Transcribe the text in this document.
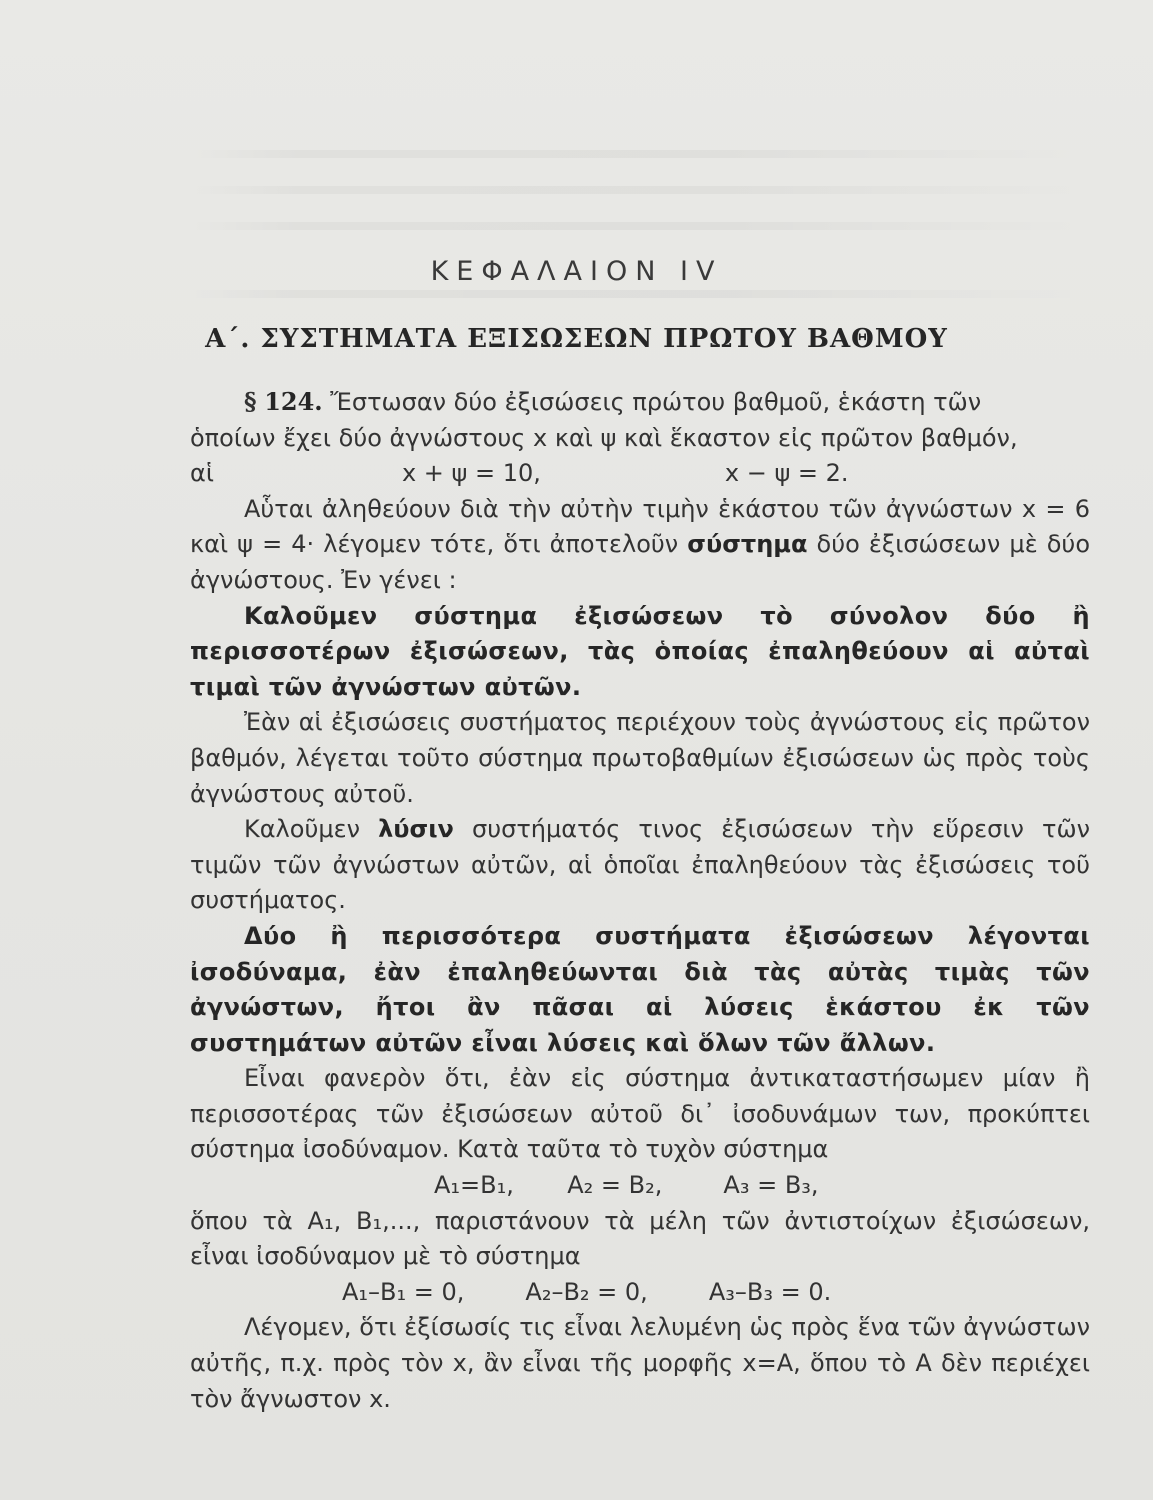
ΚΕΦΑΛΑΙΟΝ IV
Α΄. ΣΥΣΤΗΜΑΤΑ ΕΞΙΣΩΣΕΩΝ ΠΡΩΤΟΥ ΒΑΘΜΟΥ

§ 124. Ἔστωσαν δύο ἐξισώσεις πρώτου βαθμοῦ, ἑκάστη τῶν

ὁποίων ἔχει δύο ἀγνώστους x καὶ ψ καὶ ἕκαστον εἰς πρῶτον βαθμόν,

αἱ	x + ψ = 10,	x − ψ = 2.

Αὗται ἀληθεύουν διὰ τὴν αὐτὴν τιμὴν ἑκάστου τῶν ἀγνώστων x = 6 καὶ ψ = 4· λέγομεν τότε, ὅτι ἀποτελοῦν σύστημα δύο ἐξισώσεων μὲ δύο ἀγνώστους. Ἐν γένει :

Καλοῦμεν σύστημα ἐξισώσεων τὸ σύνολον δύο ἢ περισσοτέρων ἐξισώσεων, τὰς ὁποίας ἐπαληθεύουν αἱ αὐταὶ τιμαὶ τῶν ἀγνώστων αὐτῶν.

Ἐὰν αἱ ἐξισώσεις συστήματος περιέχουν τοὺς ἀγνώστους εἰς πρῶτον βαθμόν, λέγεται τοῦτο σύστημα πρωτοβαθμίων ἐξισώσεων ὡς πρὸς τοὺς ἀγνώστους αὐτοῦ.

Καλοῦμεν λύσιν συστήματός τινος ἐξισώσεων τὴν εὕρεσιν τῶν τιμῶν τῶν ἀγνώστων αὐτῶν, αἱ ὁποῖαι ἐπαληθεύουν τὰς ἐξισώσεις τοῦ συστήματος.

Δύο ἢ περισσότερα συστήματα ἐξισώσεων λέγονται ἰσοδύναμα, ἐὰν ἐπαληθεύωνται διὰ τὰς αὐτὰς τιμὰς τῶν ἀγνώστων, ἤτοι ἂν πᾶσαι αἱ λύσεις ἑκάστου ἐκ τῶν συστημάτων αὐτῶν εἶναι λύσεις καὶ ὅλων τῶν ἄλλων.

Εἶναι φανερὸν ὅτι, ἐὰν εἰς σύστημα ἀντικαταστήσωμεν μίαν ἢ περισσοτέρας τῶν ἐξισώσεων αὐτοῦ δι᾽ ἰσοδυνάμων των, προκύπτει σύστημα ἰσοδύναμον. Κατὰ ταῦτα τὸ τυχὸν σύστημα

A₁=B₁,       A₂ = B₂,        A₃ = B₃,

ὅπου τὰ A₁, B₁,..., παριστάνουν τὰ μέλη τῶν ἀντιστοίχων ἐξισώσεων, εἶναι ἰσοδύναμον μὲ τὸ σύστημα

A₁–B₁ = 0,        A₂–B₂ = 0,        A₃–B₃ = 0.

Λέγομεν, ὅτι ἐξίσωσίς τις εἶναι λελυμένη ὡς πρὸς ἕνα τῶν ἀγνώστων αὐτῆς, π.χ. πρὸς τὸν x, ἂν εἶναι τῆς μορφῆς x=A, ὅπου τὸ A δὲν περιέχει τὸν ἄγνωστον x.
